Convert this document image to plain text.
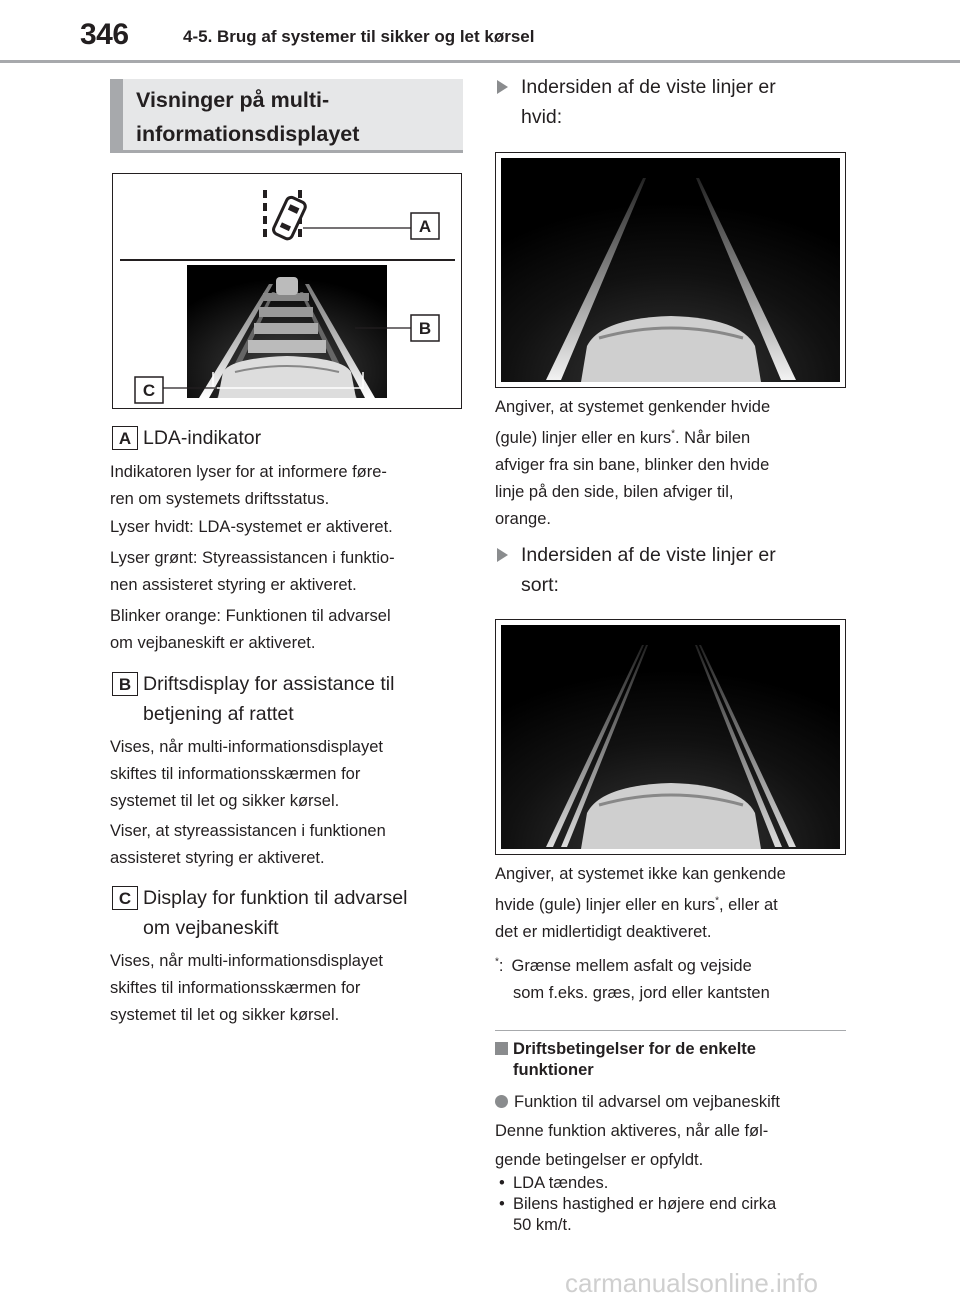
346	4-5. Brug af systemer til sikker og let kørsel
Visninger på multi-
informationsdisplayet
A
B
C
A LDA-indikator
Indikatoren lyser for at informere føre-
ren om systemets driftsstatus.
Lyser hvidt: LDA-systemet er aktiveret.
Lyser grønt: Styreassistancen i funktio-
nen assisteret styring er aktiveret.
Blinker orange: Funktionen til advarsel
om vejbaneskift er aktiveret.
B Driftsdisplay for assistance til
betjening af rattet
Vises, når multi-informationsdisplayet
skiftes til informationsskærmen for
systemet til let og sikker kørsel.
Viser, at styreassistancen i funktionen
assisteret styring er aktiveret.
C Display for funktion til advarsel
om vejbaneskift
Vises, når multi-informationsdisplayet
skiftes til informationsskærmen for
systemet til let og sikker kørsel.
Indersiden af de viste linjer er
hvid:
Angiver, at systemet genkender hvide
(gule) linjer eller en kurs*. Når bilen
afviger fra sin bane, blinker den hvide
linje på den side, bilen afviger til,
orange.
Indersiden af de viste linjer er
sort:
Angiver, at systemet ikke kan genkende
hvide (gule) linjer eller en kurs*, eller at
det er midlertidigt deaktiveret.
*: Grænse mellem asfalt og vejside
som f.eks. græs, jord eller kantsten
Driftsbetingelser for de enkelte
funktioner
Funktion til advarsel om vejbaneskift
Denne funktion aktiveres, når alle føl-
gende betingelser er opfyldt.
• LDA tændes.
• Bilens hastighed er højere end cirka
50 km/t.
carmanualsonline.info
